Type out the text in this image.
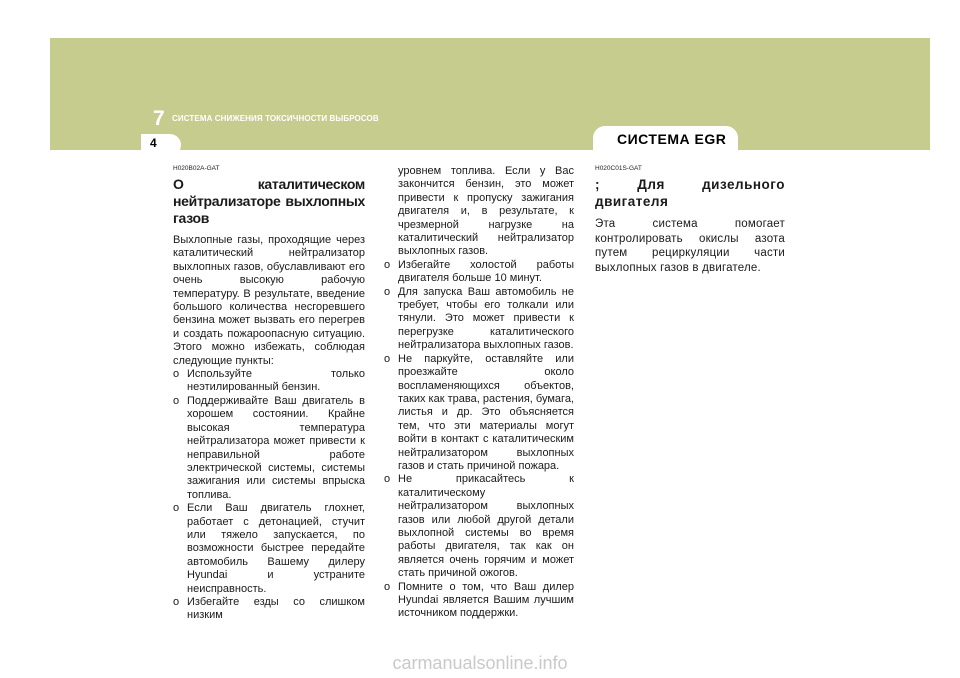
4
7 СИСТЕМА СНИЖЕНИЯ ТОКСИЧНОСТИ ВЫБРОСОВ
СИСТЕМА EGR
H020B02A-GAT
О каталитическом нейтрализаторе выхлопных газов

Выхлопные газы, проходящие через каталитический нейтрализатор выхлопных газов, обуславливают его очень высокую рабочую температуру. В результате, введение большого количества несгоревшего бензина может вызвать его перегрев и создать пожароопасную ситуацию. Этого можно избежать, соблюдая следующие пункты:

o Используйте только неэтилированный бензин.

o Поддерживайте Ваш двигатель в хорошем состоянии. Крайне высокая температура нейтрализатора может привести к неправильной работе электрической системы, системы зажигания или системы впрыска топлива.

o Если Ваш двигатель глохнет, работает с детонацией, стучит или тяжело запускается, по возможности быстрее передайте автомобиль Вашему дилеру Hyundai и устраните неисправность.

o Избегайте езды со слишком низким

уровнем топлива. Если у Вас закончится бензин, это может привести к пропуску зажигания двигателя и, в результате, к чрезмерной нагрузке на каталитический нейтрализатор выхлопных газов.

o Избегайте холостой работы двигателя больше 10 минут.

o Для запуска Ваш автомобиль не требует, чтобы его толкали или тянули. Это может привести к перегрузке каталитического нейтрализатора выхлопных газов.

o Не паркуйте, оставляйте или проезжайте около воспламеняющихся объектов, таких как трава, растения, бумага, листья и др. Это объясняется тем, что эти материалы могут войти в контакт с каталитическим нейтрализатором выхлопных газов и стать причиной пожара.

o Не прикасайтесь к каталитическому нейтрализатором выхлопных газов или любой другой детали выхлопной системы во время работы двигателя, так как он является очень горячим и может стать причиной ожогов.

o Помните о том, что Ваш дилер Hyundai является Вашим лучшим источником поддержки.

H020C01S-GAT
; Для дизельного двигателя

Эта система помогает контролировать окислы азота путем рециркуляции части выхлопных газов в двигателе.

carmanualsonline.info
